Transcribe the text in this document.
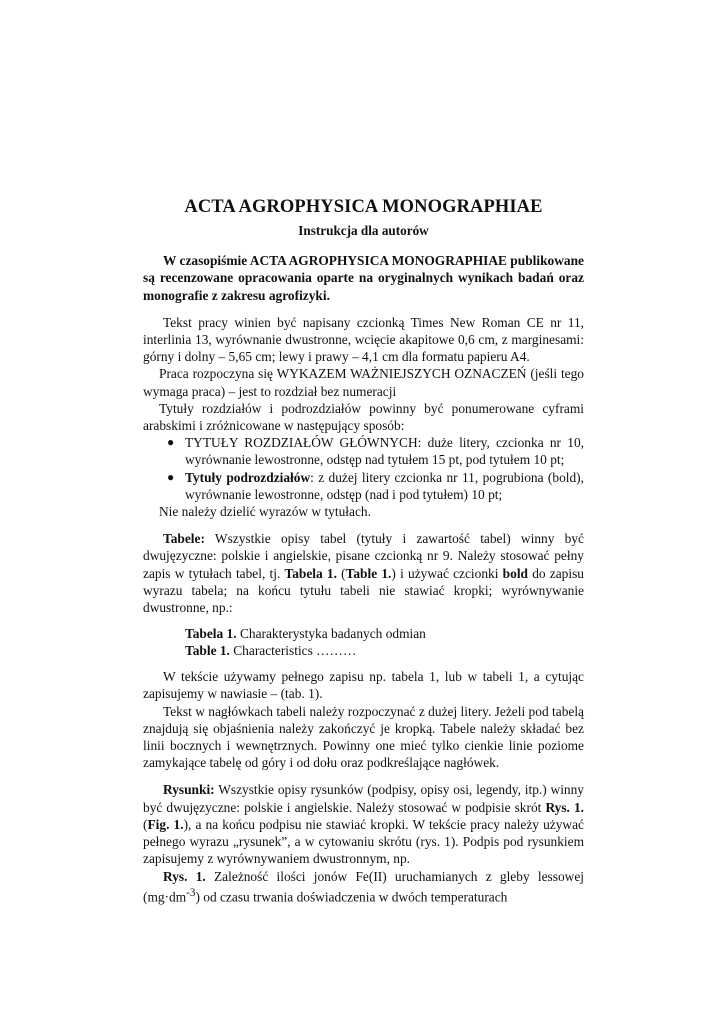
ACTA AGROPHYSICA MONOGRAPHIAE
Instrukcja dla autorów

W czasopiśmie ACTA AGROPHYSICA MONOGRAPHIAE publikowane są recenzowane opracowania oparte na oryginalnych wynikach badań oraz monografie z zakresu agrofizyki.

Tekst pracy winien być napisany czcionką Times New Roman CE nr 11, interlinia 13, wyrównanie dwustronne, wcięcie akapitowe 0,6 cm, z marginesami: górny i dolny – 5,65 cm; lewy i prawy – 4,1 cm dla formatu papieru A4.

Praca rozpoczyna się WYKAZEM WAŻNIEJSZYCH OZNACZEŃ (jeśli tego wymaga praca) – jest to rozdział bez numeracji

Tytuły rozdziałów i podrozdziałów powinny być ponumerowane cyframi arabskimi i zróżnicowane w następujący sposób:

● TYTUŁY ROZDZIAŁÓW GŁÓWNYCH: duże litery, czcionka nr 10, wyrównanie lewostronne, odstęp nad tytułem 15 pt, pod tytułem 10 pt;
● Tytuły podrozdziałów: z dużej litery czcionka nr 11, pogrubiona (bold), wyrównanie lewostronne, odstęp (nad i pod tytułem) 10 pt;

Nie należy dzielić wyrazów w tytułach.

Tabele: Wszystkie opisy tabel (tytuły i zawartość tabel) winny być dwujęzyczne: polskie i angielskie, pisane czcionką nr 9. Należy stosować pełny zapis w tytułach tabel, tj. Tabela 1. (Table 1.) i używać czcionki bold do zapisu wyrazu tabela; na końcu tytułu tabeli nie stawiać kropki; wyrównywanie dwustronne, np.:

Tabela 1. Charakterystyka badanych odmian
Table 1. Characteristics ………

W tekście używamy pełnego zapisu np. tabela 1, lub w tabeli 1, a cytując zapisujemy w nawiasie – (tab. 1).

Tekst w nagłówkach tabeli należy rozpoczynać z dużej litery. Jeżeli pod tabelą znajdują się objaśnienia należy zakończyć je kropką. Tabele należy składać bez linii bocznych i wewnętrznych. Powinny one mieć tylko cienkie linie poziome zamykające tabelę od góry i od dołu oraz podkreślające nagłówek.

Rysunki: Wszystkie opisy rysunków (podpisy, opisy osi, legendy, itp.) winny być dwujęzyczne: polskie i angielskie. Należy stosować w podpisie skrót Rys. 1. (Fig. 1.), a na końcu podpisu nie stawiać kropki. W tekście pracy należy używać pełnego wyrazu „rysunek”, a w cytowaniu skrótu (rys. 1). Podpis pod rysunkiem zapisujemy z wyrównywaniem dwustronnym, np.

Rys. 1. Zależność ilości jonów Fe(II) uruchamianych z gleby lessowej $(mg\cdot dm^{-3})$ od czasu trwania doświadczenia w dwóch temperaturach
